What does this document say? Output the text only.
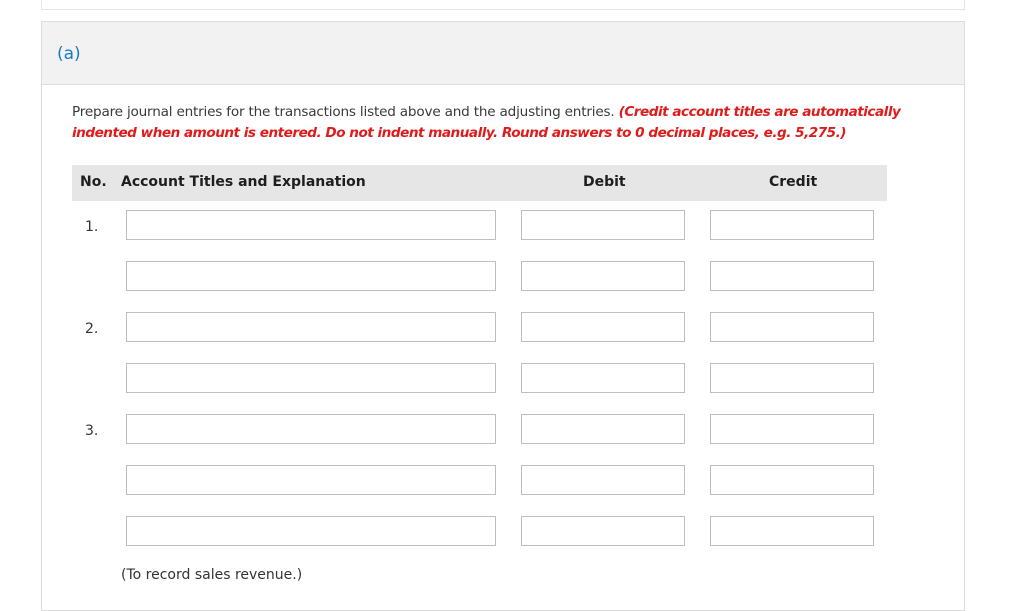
(a)
Prepare journal entries for the transactions listed above and the adjusting entries. (Credit account titles are automatically indented when amount is entered. Do not indent manually. Round answers to 0 decimal places, e.g. 5,275.)
No. Account Titles and Explanation	Debit	Credit
1.
2.
3.
(To record sales revenue.)
